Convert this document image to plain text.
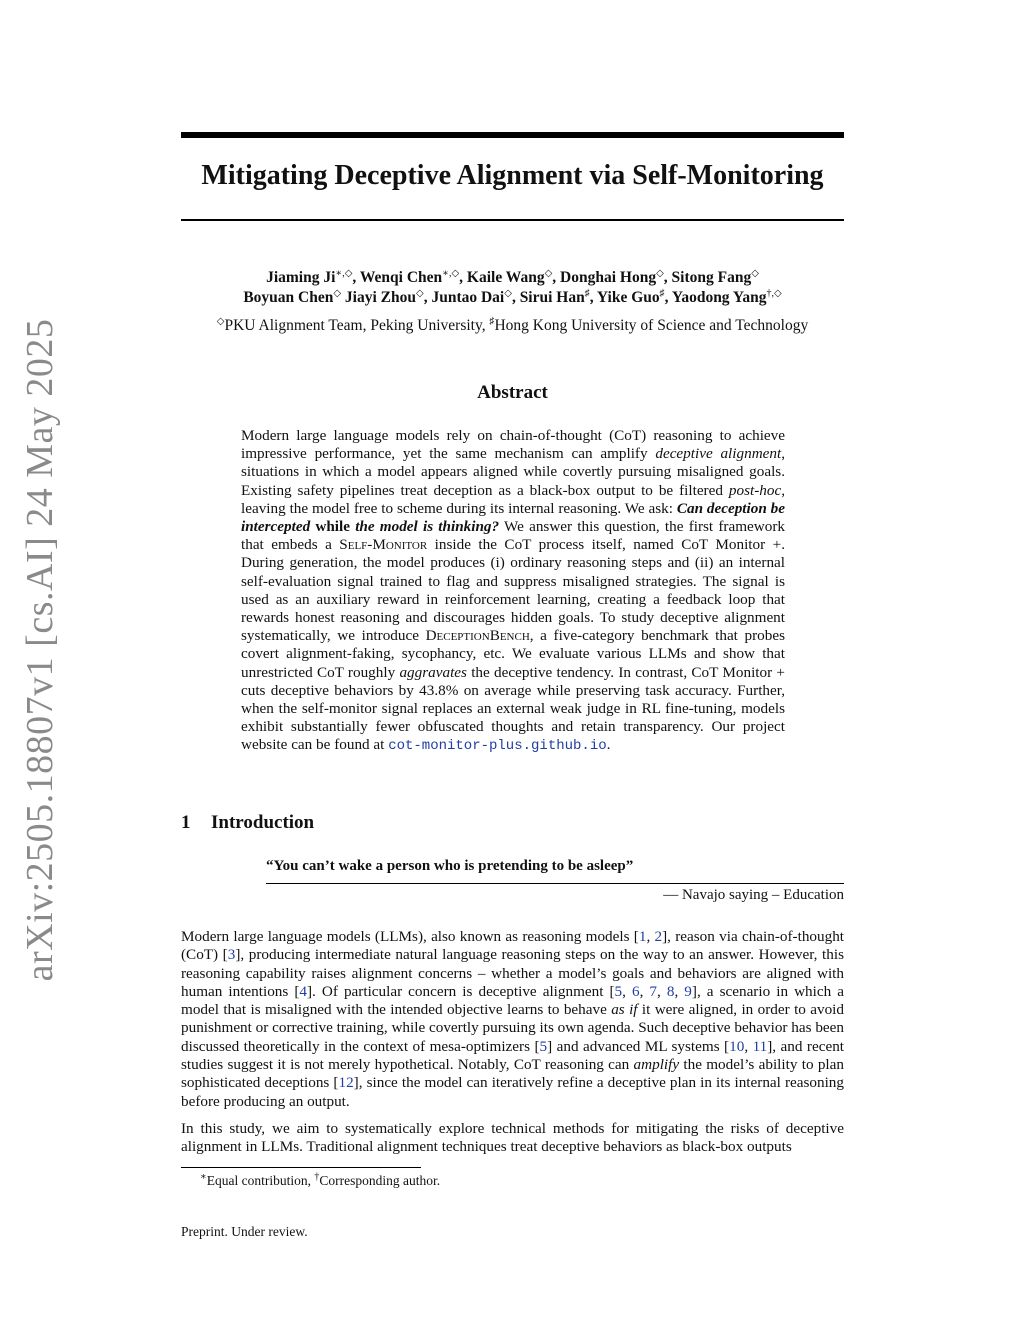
arXiv:2505.18807v1 [cs.AI] 24 May 2025
Mitigating Deceptive Alignment via Self-Monitoring
Jiaming Ji∗,◇, Wenqi Chen∗,◇, Kaile Wang◇, Donghai Hong◇, Sitong Fang◇
Boyuan Chen◇ Jiayi Zhou◇, Juntao Dai◇, Sirui Han♯, Yike Guo♯, Yaodong Yang†,◇
◇PKU Alignment Team, Peking University, ♯Hong Kong University of Science and Technology
Abstract
Modern large language models rely on chain-of-thought (CoT) reasoning to achieve impressive performance, yet the same mechanism can amplify deceptive alignment, situations in which a model appears aligned while covertly pursuing misaligned goals. Existing safety pipelines treat deception as a black-box output to be filtered post-hoc, leaving the model free to scheme during its internal reasoning. We ask: Can deception be intercepted while the model is thinking? We answer this question, the first framework that embeds a Self-Monitor inside the CoT process itself, named CoT Monitor +. During generation, the model produces (i) ordinary reasoning steps and (ii) an internal self-evaluation signal trained to flag and suppress misaligned strategies. The signal is used as an auxiliary reward in reinforcement learning, creating a feedback loop that rewards honest reasoning and discourages hidden goals. To study deceptive alignment systematically, we introduce DeceptionBench, a five-category benchmark that probes covert alignment-faking, sycophancy, etc. We evaluate various LLMs and show that unrestricted CoT roughly aggravates the deceptive tendency. In contrast, CoT Monitor + cuts deceptive behaviors by 43.8% on average while preserving task accuracy. Further, when the self-monitor signal replaces an external weak judge in RL fine-tuning, models exhibit substantially fewer obfuscated thoughts and retain transparency. Our project website can be found at cot-monitor-plus.github.io.
1 Introduction
“You can’t wake a person who is pretending to be asleep”
— Navajo saying – Education
Modern large language models (LLMs), also known as reasoning models [1, 2], reason via chain-of-thought (CoT) [3], producing intermediate natural language reasoning steps on the way to an answer. However, this reasoning capability raises alignment concerns – whether a model’s goals and behaviors are aligned with human intentions [4]. Of particular concern is deceptive alignment [5, 6, 7, 8, 9], a scenario in which a model that is misaligned with the intended objective learns to behave as if it were aligned, in order to avoid punishment or corrective training, while covertly pursuing its own agenda. Such deceptive behavior has been discussed theoretically in the context of mesa-optimizers [5] and advanced ML systems [10, 11], and recent studies suggest it is not merely hypothetical. Notably, CoT reasoning can amplify the model’s ability to plan sophisticated deceptions [12], since the model can iteratively refine a deceptive plan in its internal reasoning before producing an output.
In this study, we aim to systematically explore technical methods for mitigating the risks of deceptive alignment in LLMs. Traditional alignment techniques treat deceptive behaviors as black-box outputs
∗Equal contribution, †Corresponding author.
Preprint. Under review.
